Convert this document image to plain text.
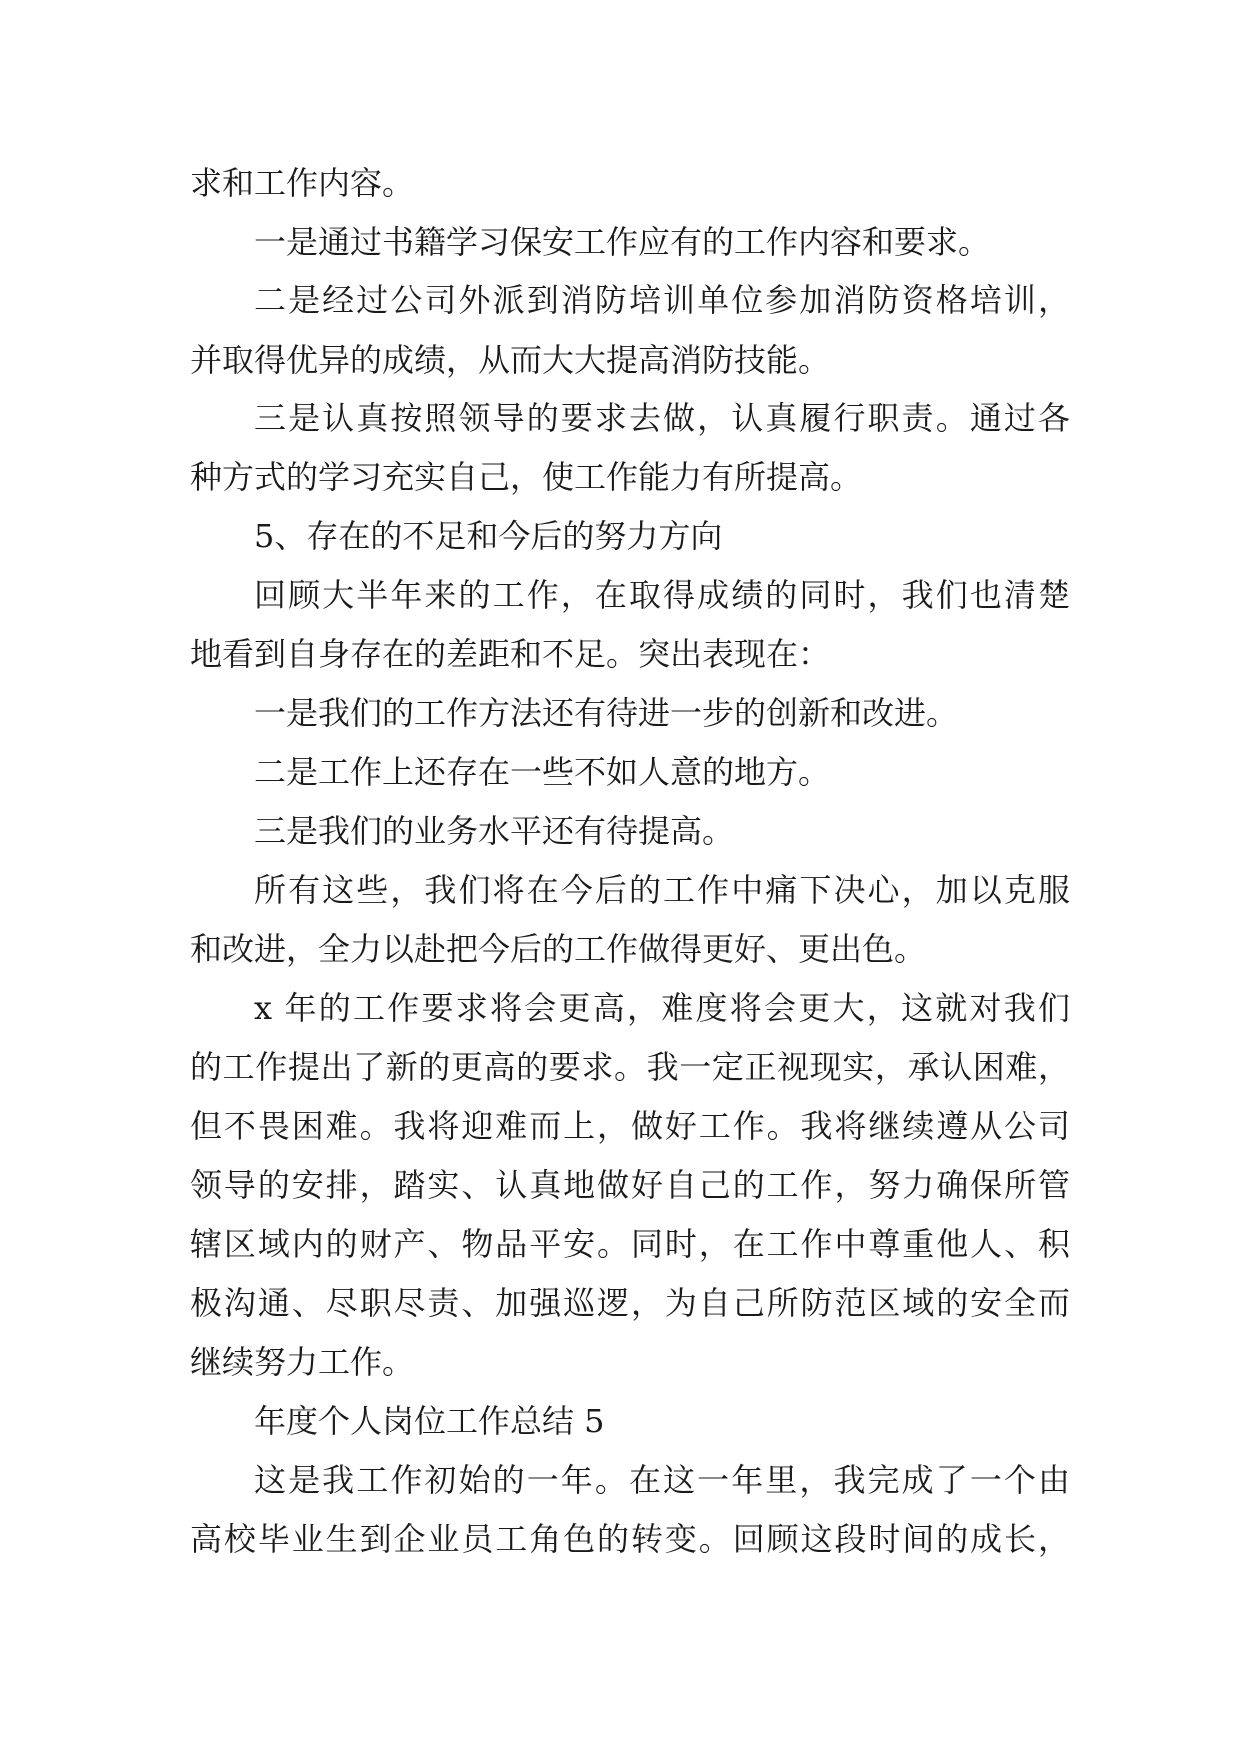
求和工作内容。
一是通过书籍学习保安工作应有的工作内容和要求。
二是经过公司外派到消防培训单位参加消防资格培训，
并取得优异的成绩，从而大大提高消防技能。
三是认真按照领导的要求去做，认真履行职责。通过各
种方式的学习充实自己，使工作能力有所提高。
5、存在的不足和今后的努力方向
回顾大半年来的工作，在取得成绩的同时，我们也清楚
地看到自身存在的差距和不足。突出表现在：
一是我们的工作方法还有待进一步的创新和改进。
二是工作上还存在一些不如人意的地方。
三是我们的业务水平还有待提高。
所有这些，我们将在今后的工作中痛下决心，加以克服
和改进，全力以赴把今后的工作做得更好、更出色。
x 年的工作要求将会更高，难度将会更大，这就对我们
的工作提出了新的更高的要求。我一定正视现实，承认困难，
但不畏困难。我将迎难而上，做好工作。我将继续遵从公司
领导的安排，踏实、认真地做好自己的工作，努力确保所管
辖区域内的财产、物品平安。同时，在工作中尊重他人、积
极沟通、尽职尽责、加强巡逻，为自己所防范区域的安全而
继续努力工作。
年度个人岗位工作总结 5
这是我工作初始的一年。在这一年里，我完成了一个由
高校毕业生到企业员工角色的转变。回顾这段时间的成长，
